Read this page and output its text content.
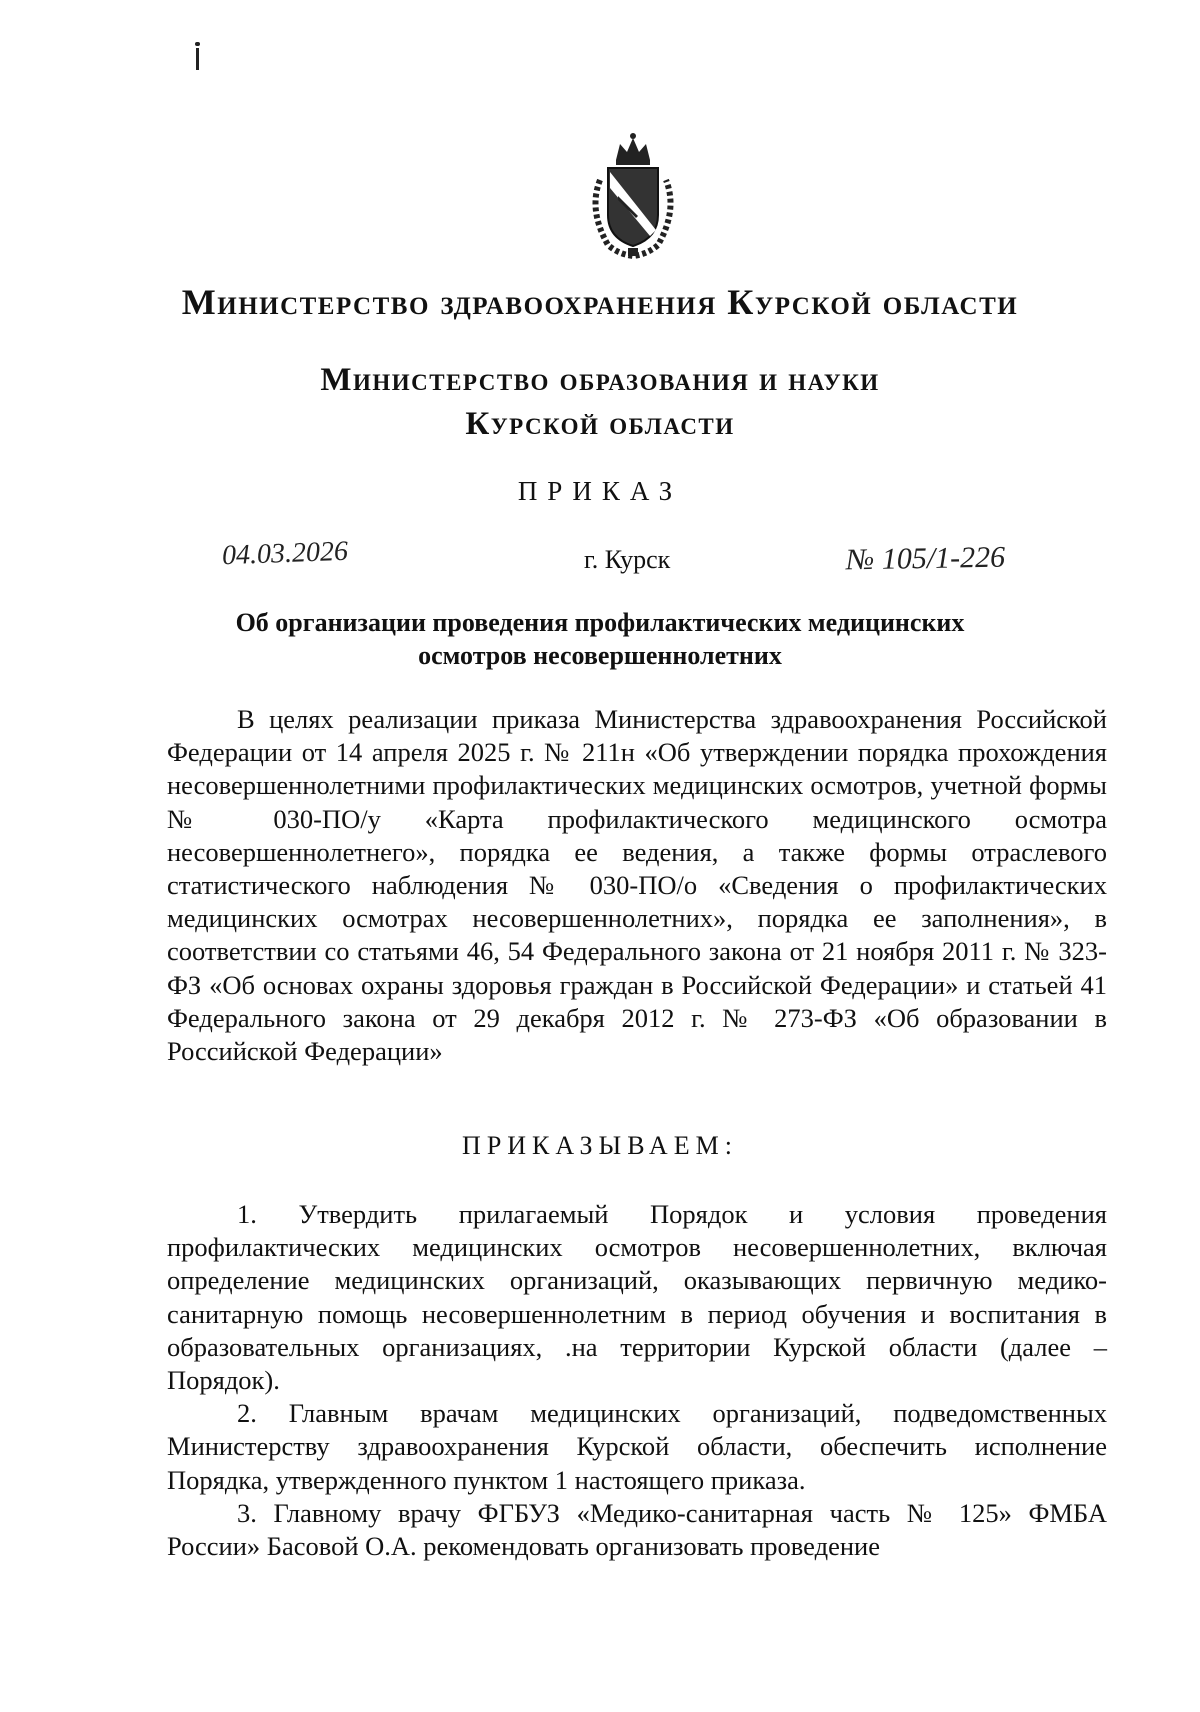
Министерство здравоохранения Курской области
Министерство образования и науки
Курской области
ПРИКАЗ
04.03.2026	г. Курск	№ 105/1-226
Об организации проведения профилактических медицинских
осмотров несовершеннолетних
В целях реализации приказа Министерства здравоохранения Российской Федерации от 14 апреля 2025 г. № 211н «Об утверждении порядка прохождения несовершеннолетними профилактических медицинских осмотров, учетной формы № 030-ПО/у «Карта профилактического медицинского осмотра несовершеннолетнего», порядка ее ведения, а также формы отраслевого статистического наблюдения № 030-ПО/о «Сведения о профилактических медицинских осмотрах несовершеннолетних», порядка ее заполнения», в соответствии со статьями 46, 54 Федерального закона от 21 ноября 2011 г. № 323-ФЗ «Об основах охраны здоровья граждан в Российской Федерации» и статьей 41 Федерального закона от 29 декабря 2012 г. № 273-ФЗ «Об образовании в Российской Федерации»
ПРИКАЗЫВАЕМ:

1. Утвердить прилагаемый Порядок и условия проведения профилактических медицинских осмотров несовершеннолетних, включая определение медицинских организаций, оказывающих первичную медико-санитарную помощь несовершеннолетним в период обучения и воспитания в образовательных организациях, .на территории Курской области (далее – Порядок).

2. Главным врачам медицинских организаций, подведомственных Министерству здравоохранения Курской области, обеспечить исполнение Порядка, утвержденного пунктом 1 настоящего приказа.

3. Главному врачу ФГБУЗ «Медико-санитарная часть № 125» ФМБА России» Басовой О.А. рекомендовать организовать проведение
